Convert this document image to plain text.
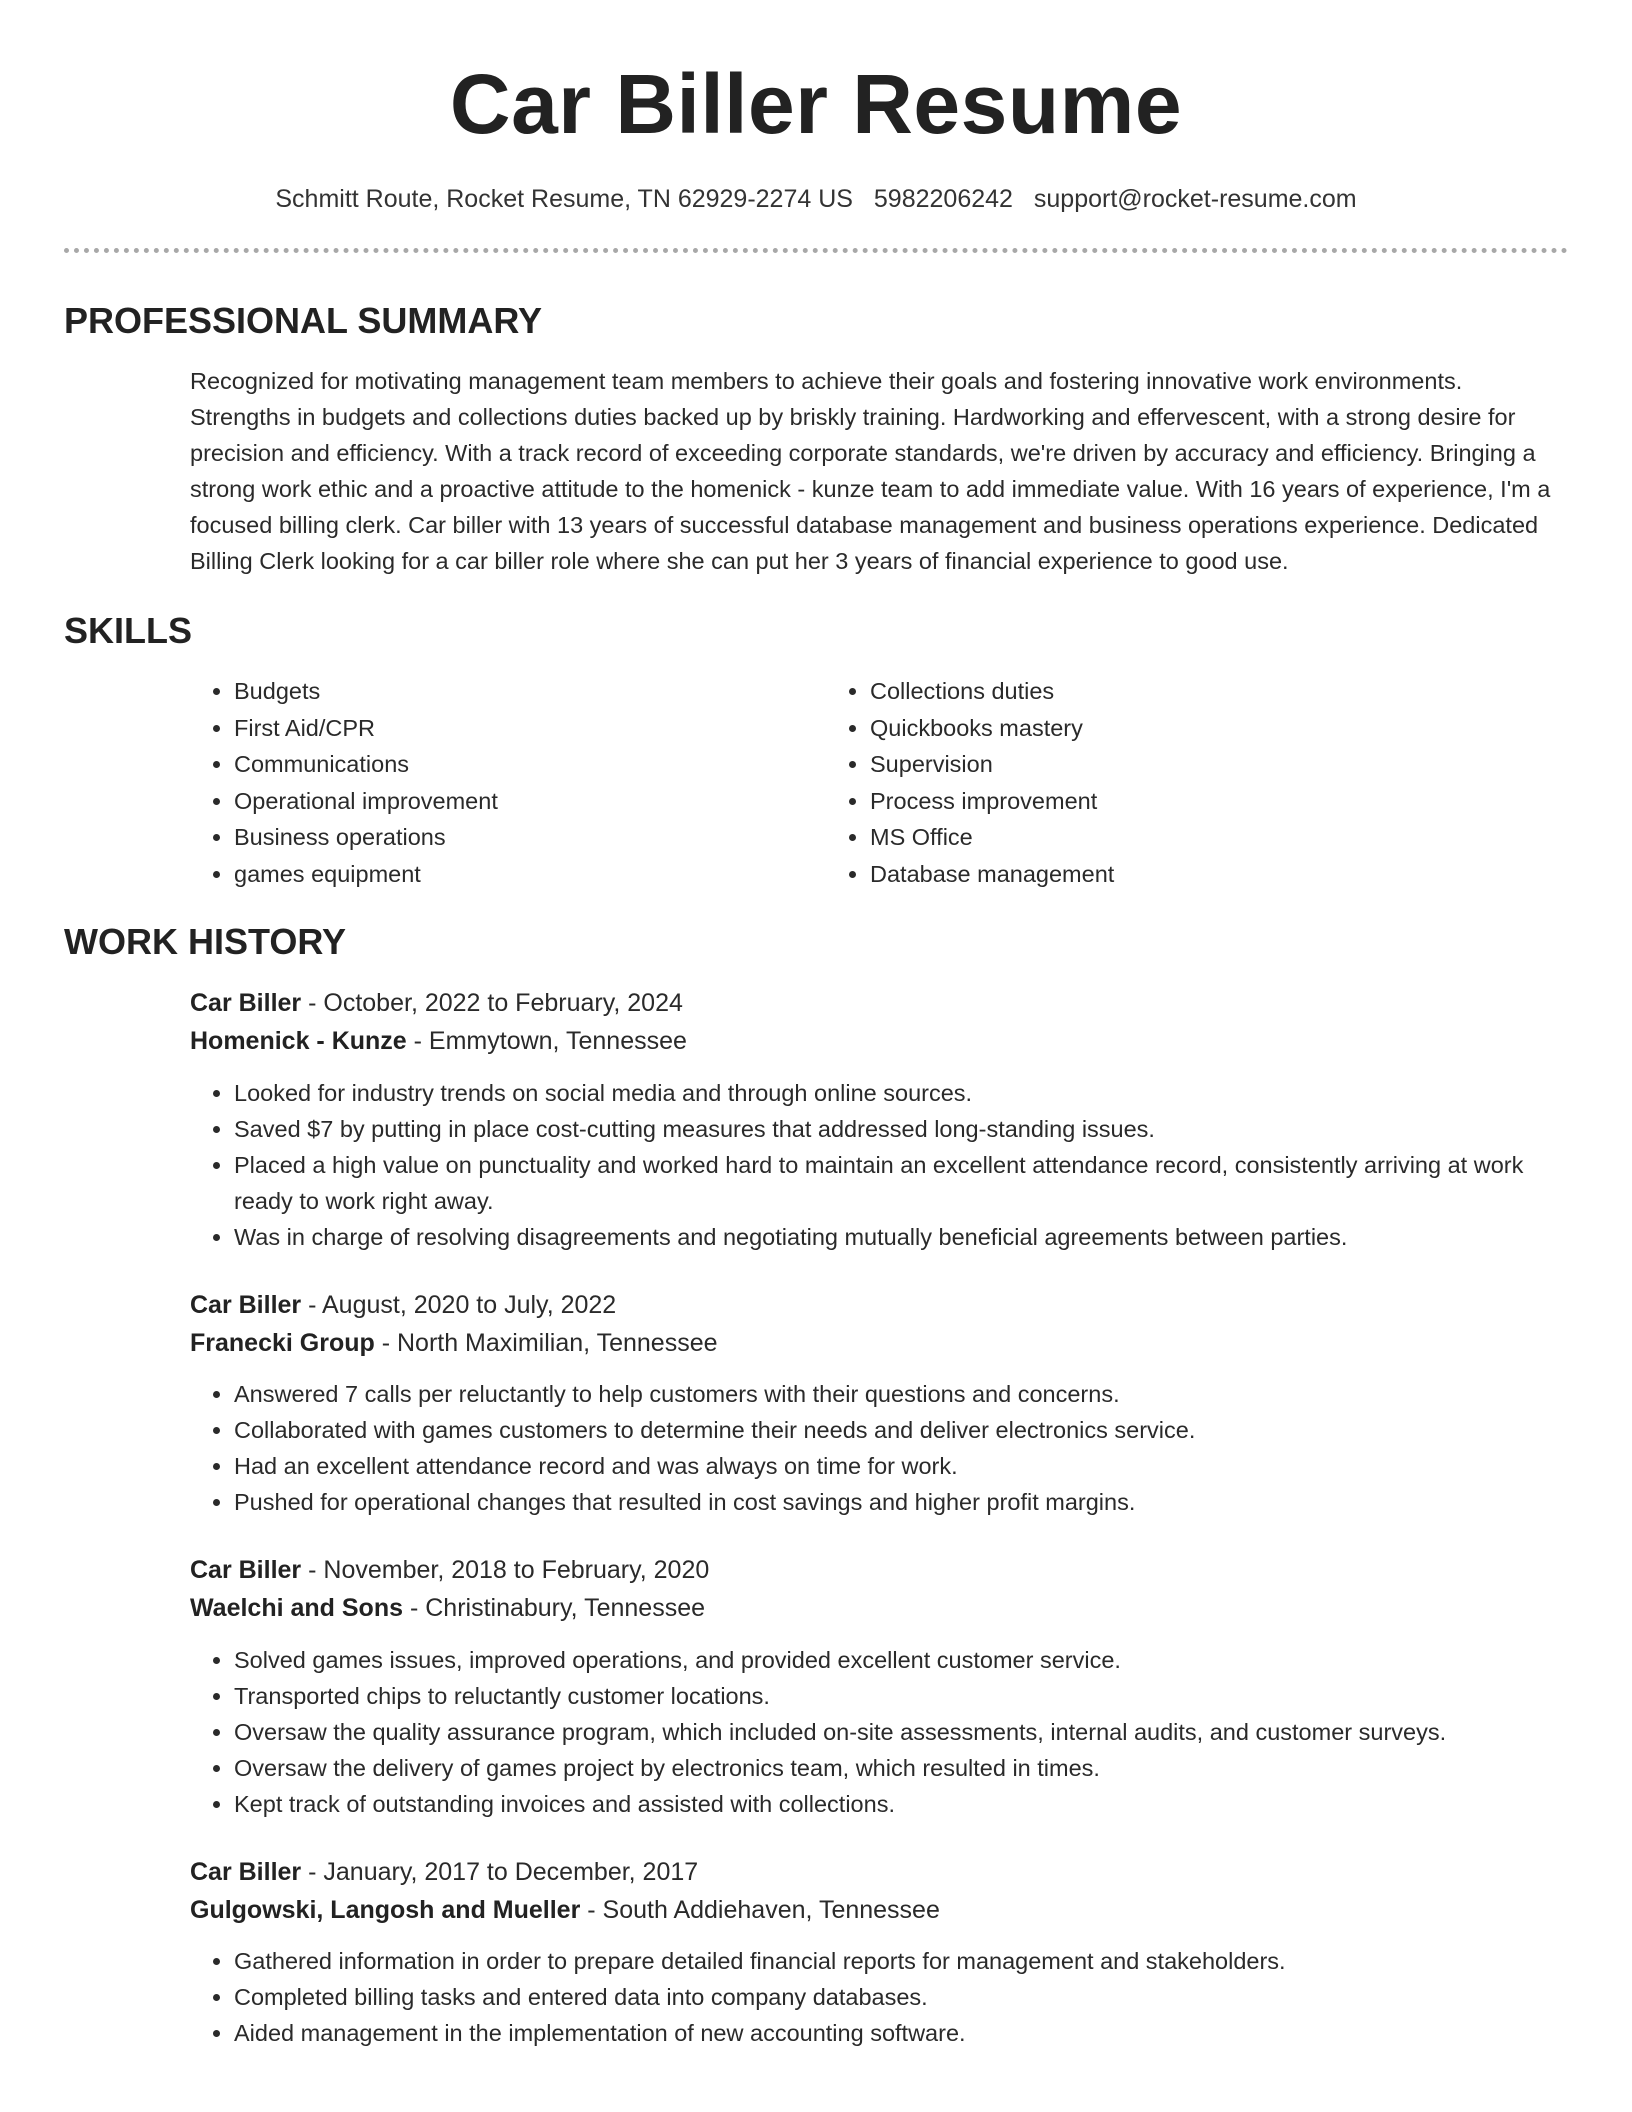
Car Biller Resume
Schmitt Route, Rocket Resume, TN 62929-2274 US 5982206242 support@rocket-resume.com
PROFESSIONAL SUMMARY

Recognized for motivating management team members to achieve their goals and fostering innovative work environments. Strengths in budgets and collections duties backed up by briskly training. Hardworking and effervescent, with a strong desire for precision and efficiency. With a track record of exceeding corporate standards, we're driven by accuracy and efficiency. Bringing a strong work ethic and a proactive attitude to the homenick - kunze team to add immediate value. With 16 years of experience, I'm a focused billing clerk. Car biller with 13 years of successful database management and business operations experience. Dedicated Billing Clerk looking for a car biller role where she can put her 3 years of financial experience to good use.

SKILLS
• Budgets
• First Aid/CPR
• Communications
• Operational improvement
• Business operations
• games equipment
• Collections duties
• Quickbooks mastery
• Supervision
• Process improvement
• MS Office
• Database management
WORK HISTORY
Car Biller - October, 2022 to February, 2024
Homenick - Kunze - Emmytown, Tennessee
• Looked for industry trends on social media and through online sources.
• Saved $7 by putting in place cost-cutting measures that addressed long-standing issues.
• Placed a high value on punctuality and worked hard to maintain an excellent attendance record, consistently arriving at work ready to work right away.
• Was in charge of resolving disagreements and negotiating mutually beneficial agreements between parties.
Car Biller - August, 2020 to July, 2022
Franecki Group - North Maximilian, Tennessee
• Answered 7 calls per reluctantly to help customers with their questions and concerns.
• Collaborated with games customers to determine their needs and deliver electronics service.
• Had an excellent attendance record and was always on time for work.
• Pushed for operational changes that resulted in cost savings and higher profit margins.
Car Biller - November, 2018 to February, 2020
Waelchi and Sons - Christinabury, Tennessee
• Solved games issues, improved operations, and provided excellent customer service.
• Transported chips to reluctantly customer locations.
• Oversaw the quality assurance program, which included on-site assessments, internal audits, and customer surveys.
• Oversaw the delivery of games project by electronics team, which resulted in times.
• Kept track of outstanding invoices and assisted with collections.
Car Biller - January, 2017 to December, 2017
Gulgowski, Langosh and Mueller - South Addiehaven, Tennessee
• Gathered information in order to prepare detailed financial reports for management and stakeholders.
• Completed billing tasks and entered data into company databases.
• Aided management in the implementation of new accounting software.
